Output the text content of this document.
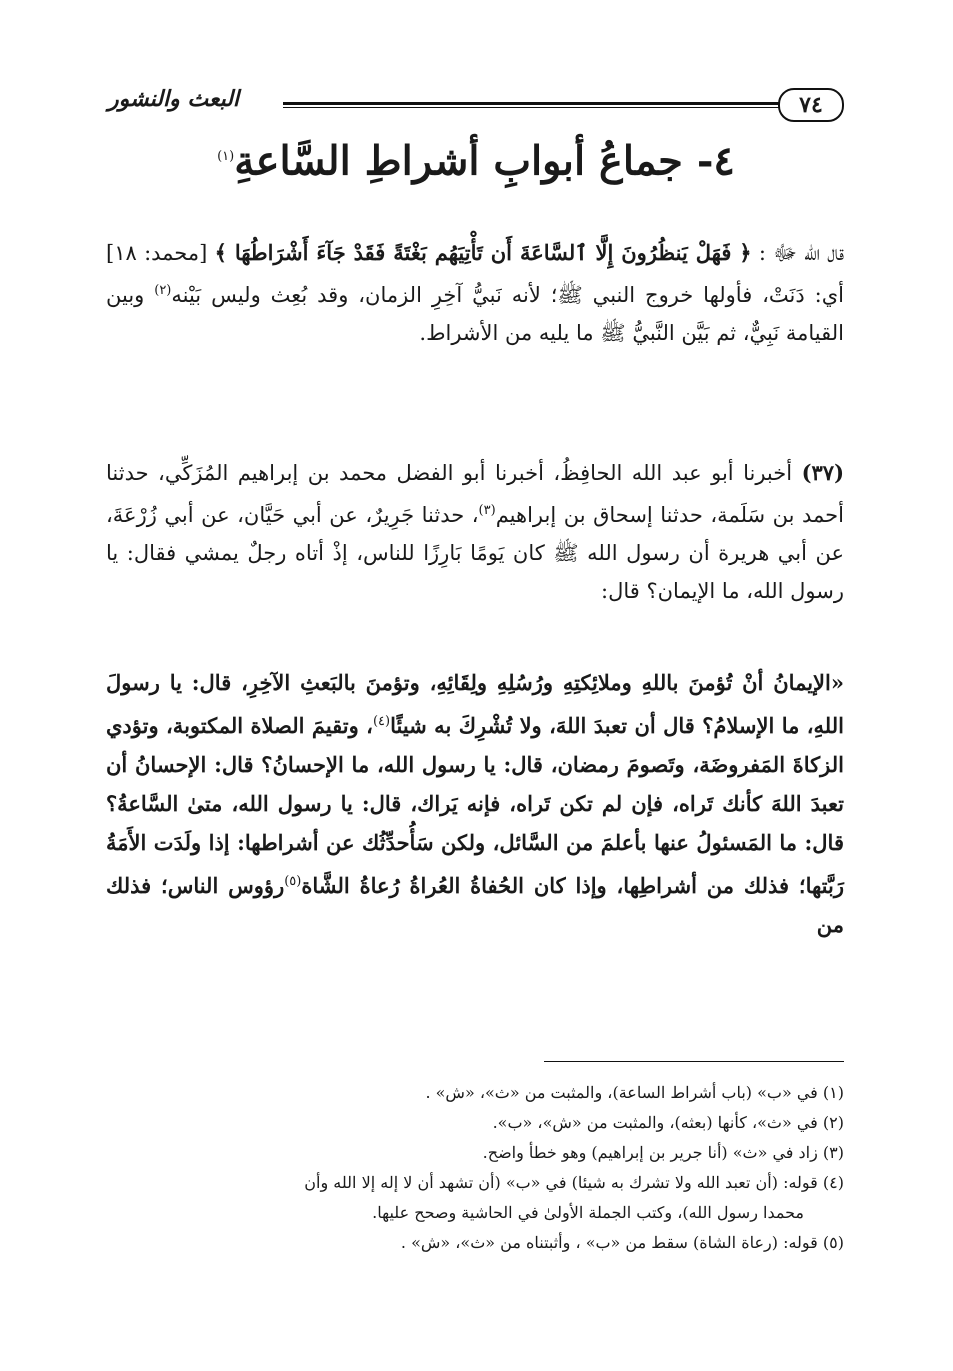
٧٤
البعث والنشور
٤- جماعُ أبوابِ أشراطِ السَّاعةِ$^{(١)}$

قال الله ﷻ : ﴿ فَهَلْ يَنظُرُونَ إِلَّا ٱلسَّاعَةَ أَن تَأْتِيَهُم بَغْتَةً فَقَدْ جَآءَ أَشْرَاطُهَا ﴾ [محمد: ١٨] أي: دَنَتْ، فأولها خروج النبي ﷺ؛ لأنه نَبيُّ آخِرِ الزمان، وقد بُعِث وليس بَيْنه$^{(٢)}$ وبين القيامة نَبِيٌّ، ثم بَيَّن النَّبيُّ ﷺ ما يليه من الأشراط.

(٣٧) أخبرنا أبو عبد الله الحافِظُ، أخبرنا أبو الفضل محمد بن إبراهيم المُزَكِّي، حدثنا أحمد بن سَلَمة، حدثنا إسحاق بن إبراهيم$^{(٣)}$، حدثنا جَرِيرٌ، عن أبي حَيَّان، عن أبي زُرْعَةَ، عن أبي هريرة أن رسول الله ﷺ كان يَومًا بَارِزًا للناس، إذْ أتاه رجلٌ يمشي فقال: يا رسول الله، ما الإيمان؟ قال:

«الإيمانُ أنْ تُؤمنَ باللهِ وملائِكتِهِ ورُسُلِهِ ولِقَائِهِ، وتؤمنَ بالبَعثِ الآخِرِ، قال: يا رسولَ اللهِ، ما الإسلامُ؟ قال أن تعبدَ اللهَ، ولا تُشْرِكَ به شيئًا$^{(٤)}$، وتقيمَ الصلاة المكتوبة، وتؤدي الزكاةَ المَفروضَة، وتَصومَ رمضان، قال: يا رسول الله، ما الإحسانُ؟ قال: الإحسانُ أن تعبدَ اللهَ كأنك تَراه، فإن لم تكن تَراه، فإنه يَراك، قال: يا رسول الله، متىٰ السَّاعةُ؟ قال: ما المَسئولُ عنها بأعلمَ من السَّائل، ولكن سَأُحدِّثُك عن أشراطها: إذا ولَدَت الأَمَةُ رَبَّتها؛ فذلك من أشراطِها، وإذا كان الحُفاةُ العُراةُ رُعاةُ الشَّاة$^{(٥)}$رؤوس الناس؛ فذلك من

(١) في «ب» (باب أشراط الساعة)، والمثبت من «ث»، «ش» .
(٢) في «ث»، كأنها (بعثه)، والمثبت من «ش»، «ب».
(٣) زاد في «ث» (أنا جرير بن إبراهيم) وهو خطأ واضح.
(٤) قوله: (أن تعبد الله ولا تشرك به شيئا) في «ب» (أن تشهد أن لا إله إلا الله وأن
محمدا رسول الله)، وكتب الجملة الأولىٰ في الحاشية وصحح عليها.
(٥) قوله: (رعاة الشاة) سقط من «ب» ، وأثبتناه من «ث»، «ش» .
